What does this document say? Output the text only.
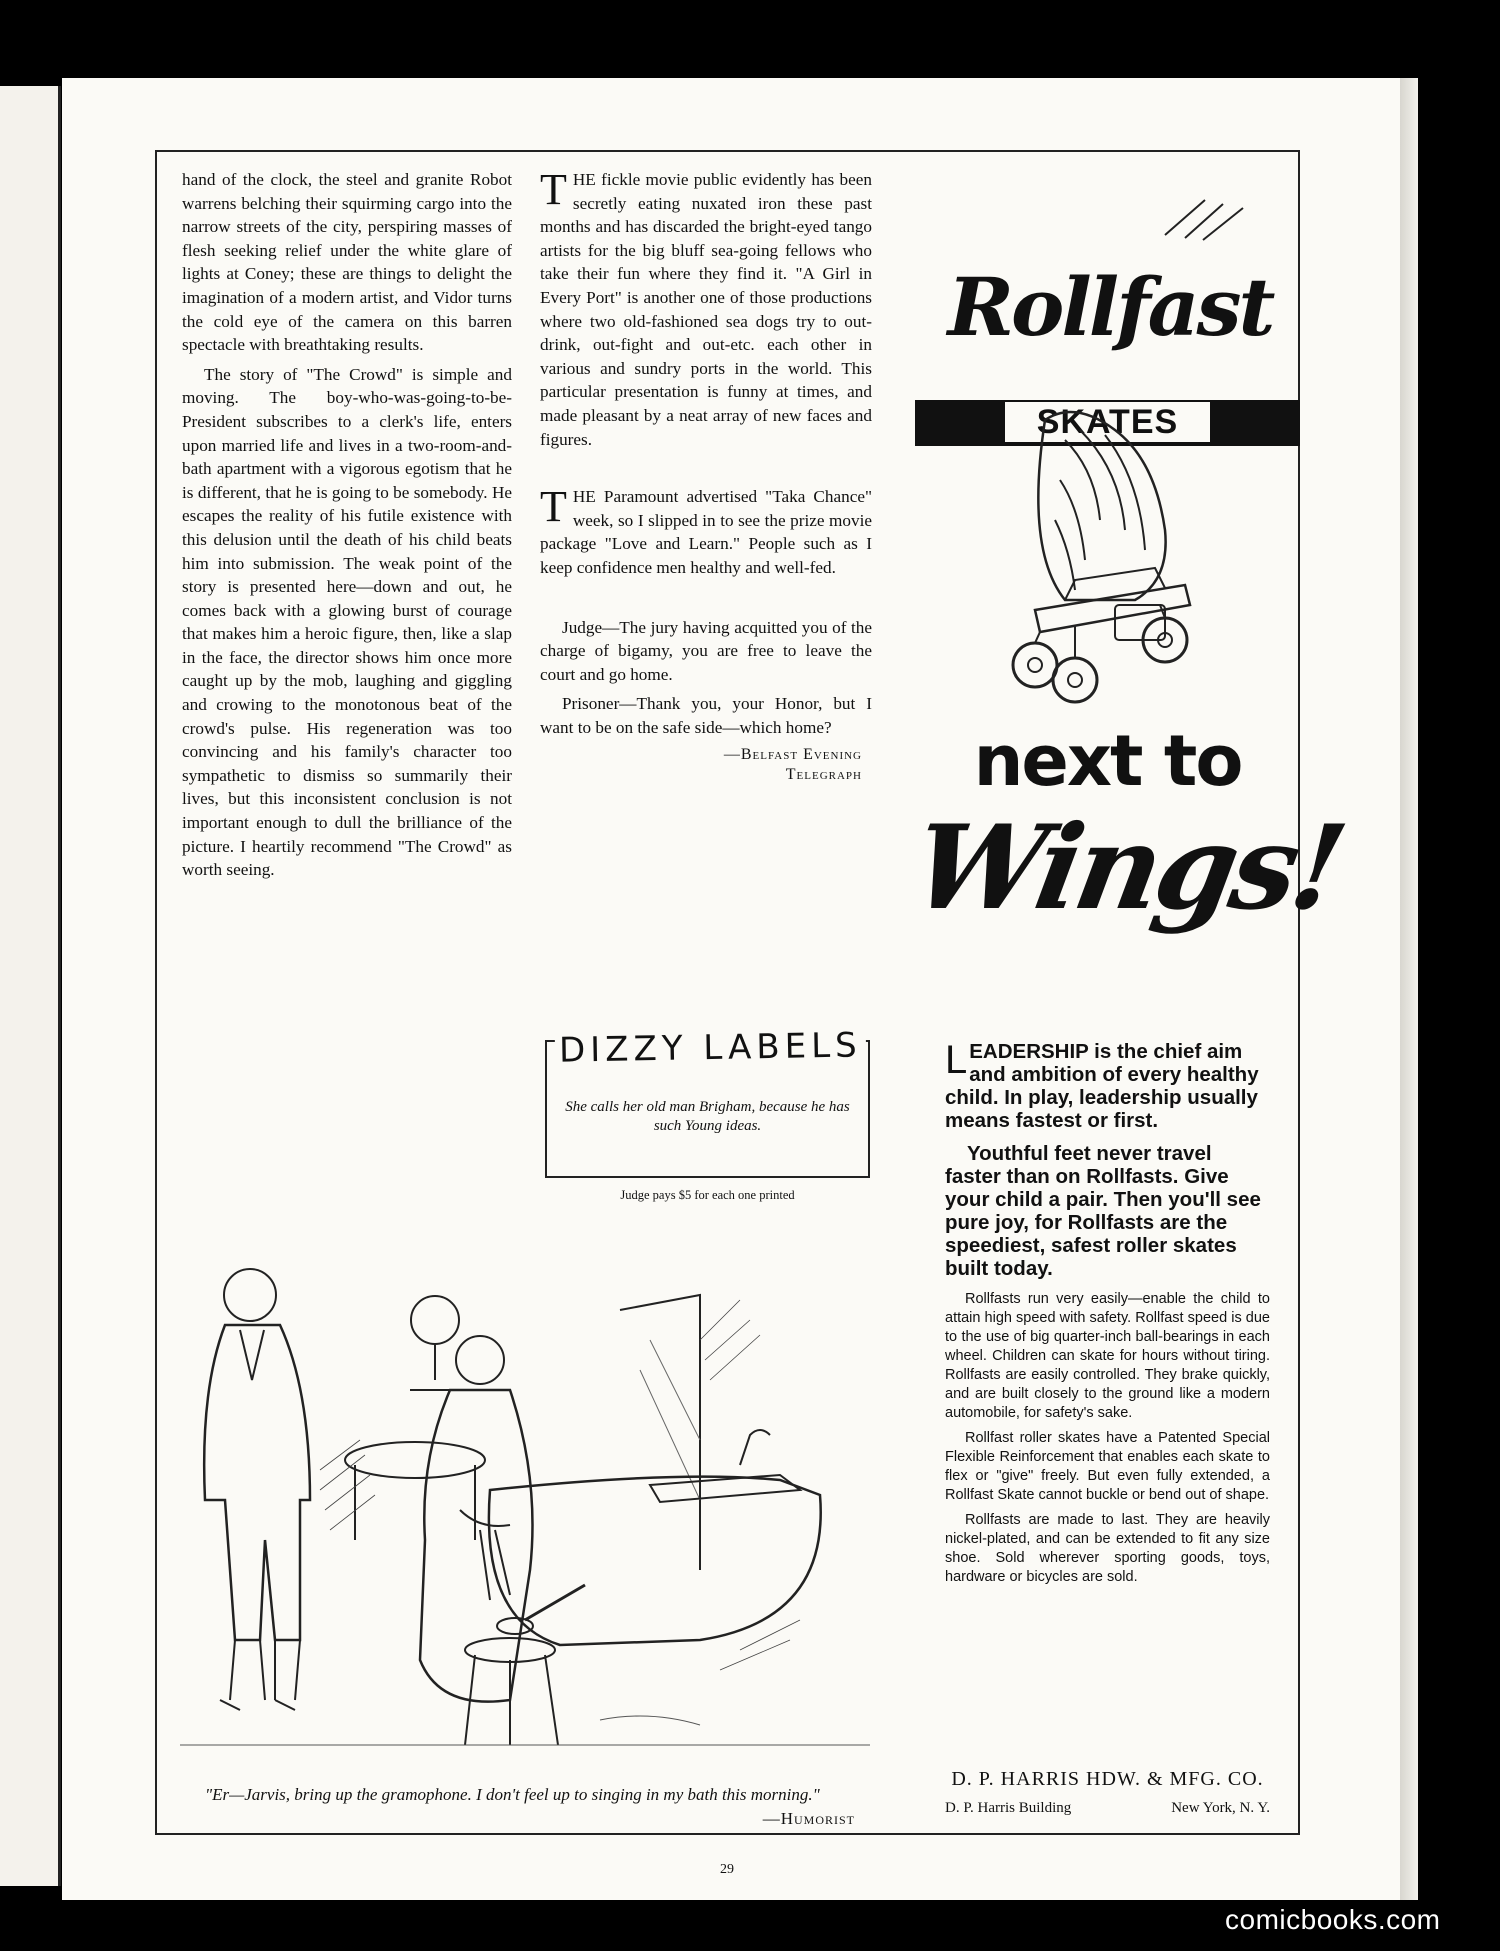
hand of the clock, the steel and granite Robot warrens belching their squirming cargo into the narrow streets of the city, perspiring masses of flesh seeking relief under the white glare of lights at Coney; these are things to delight the imagination of a modern artist, and Vidor turns the cold eye of the camera on this barren spectacle with breathtaking results.

The story of "The Crowd" is simple and moving. The boy-who-was-going-to-be-President subscribes to a clerk's life, enters upon married life and lives in a two-room-and-bath apartment with a vigorous egotism that he is different, that he is going to be somebody. He escapes the reality of his futile existence with this delusion until the death of his child beats him into submission. The weak point of the story is presented here—down and out, he comes back with a glowing burst of courage that makes him a heroic figure, then, like a slap in the face, the director shows him once more caught up by the mob, laughing and giggling and crowing to the monotonous beat of the crowd's pulse. His regeneration was too convincing and his family's character too sympathetic to dismiss so summarily their lives, but this inconsistent conclusion is not important enough to dull the brilliance of the picture. I heartily recommend "The Crowd" as worth seeing.

THE fickle movie public evidently has been secretly eating nuxated iron these past months and has discarded the bright-eyed tango artists for the big bluff sea-going fellows who take their fun where they find it. "A Girl in Every Port" is another one of those productions where two old-fashioned sea dogs try to out-drink, out-fight and out-etc. each other in various and sundry ports in the world. This particular presentation is funny at times, and made pleasant by a neat array of new faces and figures.

THE Paramount advertised "Taka Chance" week, so I slipped in to see the prize movie package "Love and Learn." People such as I keep confidence men healthy and well-fed.

Judge—The jury having acquitted you of the charge of bigamy, you are free to leave the court and go home.

Prisoner—Thank you, your Honor, but I want to be on the safe side—which home?

—Belfast Evening
Telegraph
DIZZY LABELS
She calls her old man Brigham, because he has such Young ideas.
Judge pays $5 for each one printed
"Er—Jarvis, bring up the gramophone. I don't feel up to singing in my bath this morning."
—Humorist
29
Rollfast
SKATES
next to
Wings!

LEADERSHIP is the chief aim and ambition of every healthy child. In play, leadership usually means fastest or first.

Youthful feet never travel faster than on Rollfasts. Give your child a pair. Then you'll see pure joy, for Rollfasts are the speediest, safest roller skates built today.

Rollfasts run very easily—enable the child to attain high speed with safety. Rollfast speed is due to the use of big quarter-inch ball-bearings in each wheel. Children can skate for hours without tiring. Rollfasts are easily controlled. They brake quickly, and are built closely to the ground like a modern automobile, for safety's sake.

Rollfast roller skates have a Patented Special Flexible Reinforcement that enables each skate to flex or "give" freely. But even fully extended, a Rollfast Skate cannot buckle or bend out of shape.

Rollfasts are made to last. They are heavily nickel-plated, and can be extended to fit any size shoe. Sold wherever sporting goods, toys, hardware or bicycles are sold.

D. P. HARRIS HDW. & MFG. CO.
D. P. Harris Building	New York, N. Y.
comicbooks.com
